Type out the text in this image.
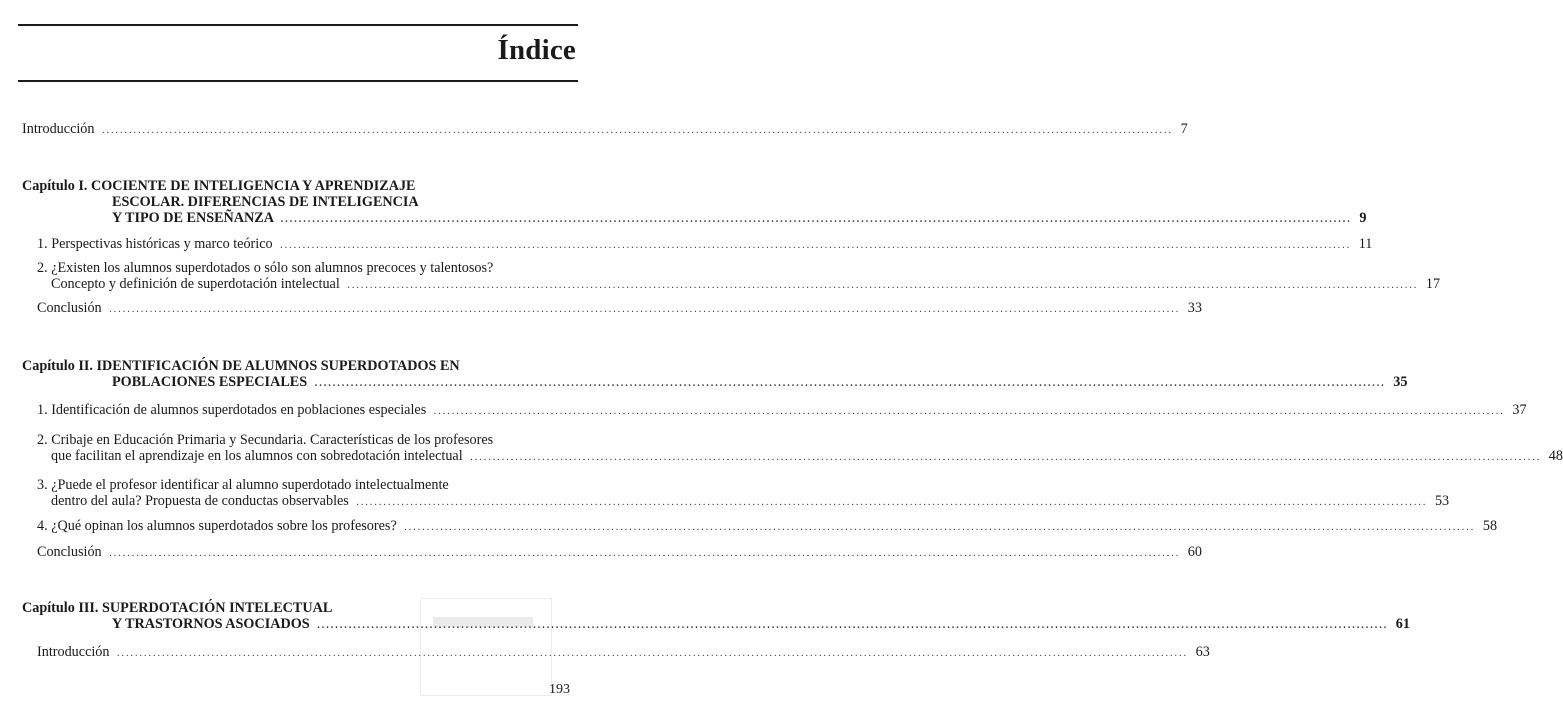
Índice
Introducción .....	7
Capítulo I. COCIENTE DE INTELIGENCIA Y APRENDIZAJE
ESCOLAR. DIFERENCIAS DE INTELIGENCIA
Y TIPO DE ENSEÑANZA .....	9
1. Perspectivas históricas y marco teórico .....	11
2. ¿Existen los alumnos superdotados o sólo son alumnos precoces y talentosos?
Concepto y definición de superdotación intelectual .....	17
Conclusión .....	33
Capítulo II. IDENTIFICACIÓN DE ALUMNOS SUPERDOTADOS EN
POBLACIONES ESPECIALES .....	35
1. Identificación de alumnos superdotados en poblaciones especiales .....	37
2. Cribaje en Educación Primaria y Secundaria. Características de los profesores
que facilitan el aprendizaje en los alumnos con sobredotación intelectual .....	48
3. ¿Puede el profesor identificar al alumno superdotado intelectualmente
dentro del aula? Propuesta de conductas observables .....	53
4. ¿Qué opinan los alumnos superdotados sobre los profesores? .....	58
Conclusión .....	60
Capítulo III. SUPERDOTACIÓN INTELECTUAL
Y TRASTORNOS ASOCIADOS .....	61
Introducción .....	63
193
